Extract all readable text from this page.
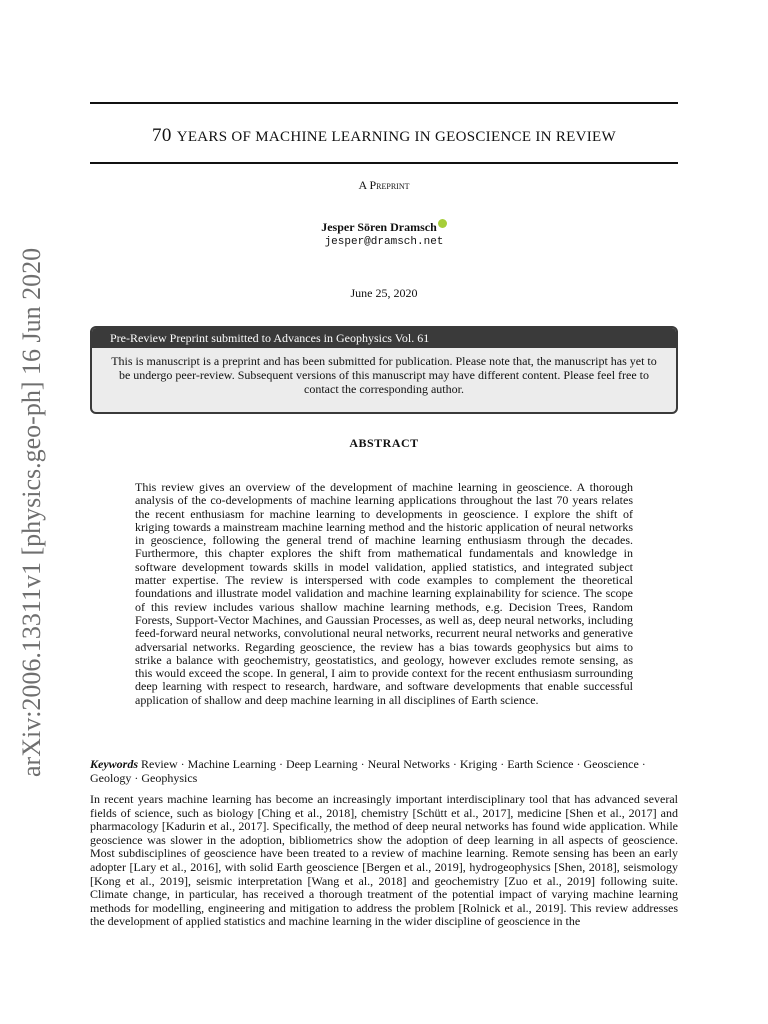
arXiv:2006.13311v1 [physics.geo-ph] 16 Jun 2020
70 YEARS OF MACHINE LEARNING IN GEOSCIENCE IN REVIEW
A Preprint
Jesper Sören Dramsch
jesper@dramsch.net
June 25, 2020
Pre-Review Preprint submitted to Advances in Geophysics Vol. 61
This is manuscript is a preprint and has been submitted for publication. Please note that, the manuscript has yet to be undergo peer-review. Subsequent versions of this manuscript may have different content. Please feel free to contact the corresponding author.
ABSTRACT
This review gives an overview of the development of machine learning in geoscience. A thorough analysis of the co-developments of machine learning applications throughout the last 70 years relates the recent enthusiasm for machine learning to developments in geoscience. I explore the shift of kriging towards a mainstream machine learning method and the historic application of neural networks in geoscience, following the general trend of machine learning enthusiasm through the decades. Furthermore, this chapter explores the shift from mathematical fundamentals and knowledge in software development towards skills in model validation, applied statistics, and integrated subject matter expertise. The review is interspersed with code examples to complement the theoretical foundations and illustrate model validation and machine learning explainability for science. The scope of this review includes various shallow machine learning methods, e.g. Decision Trees, Random Forests, Support-Vector Machines, and Gaussian Processes, as well as, deep neural networks, including feed-forward neural networks, convolutional neural networks, recurrent neural networks and generative adversarial networks. Regarding geoscience, the review has a bias towards geophysics but aims to strike a balance with geochemistry, geostatistics, and geology, however excludes remote sensing, as this would exceed the scope. In general, I aim to provide context for the recent enthusiasm surrounding deep learning with respect to research, hardware, and software developments that enable successful application of shallow and deep machine learning in all disciplines of Earth science.
Keywords Review · Machine Learning · Deep Learning · Neural Networks · Kriging · Earth Science · Geoscience · Geology · Geophysics
In recent years machine learning has become an increasingly important interdisciplinary tool that has advanced several fields of science, such as biology [Ching et al., 2018], chemistry [Schütt et al., 2017], medicine [Shen et al., 2017] and pharmacology [Kadurin et al., 2017]. Specifically, the method of deep neural networks has found wide application. While geoscience was slower in the adoption, bibliometrics show the adoption of deep learning in all aspects of geoscience. Most subdisciplines of geoscience have been treated to a review of machine learning. Remote sensing has been an early adopter [Lary et al., 2016], with solid Earth geoscience [Bergen et al., 2019], hydrogeophysics [Shen, 2018], seismology [Kong et al., 2019], seismic interpretation [Wang et al., 2018] and geochemistry [Zuo et al., 2019] following suite. Climate change, in particular, has received a thorough treatment of the potential impact of varying machine learning methods for modelling, engineering and mitigation to address the problem [Rolnick et al., 2019]. This review addresses the development of applied statistics and machine learning in the wider discipline of geoscience in the
